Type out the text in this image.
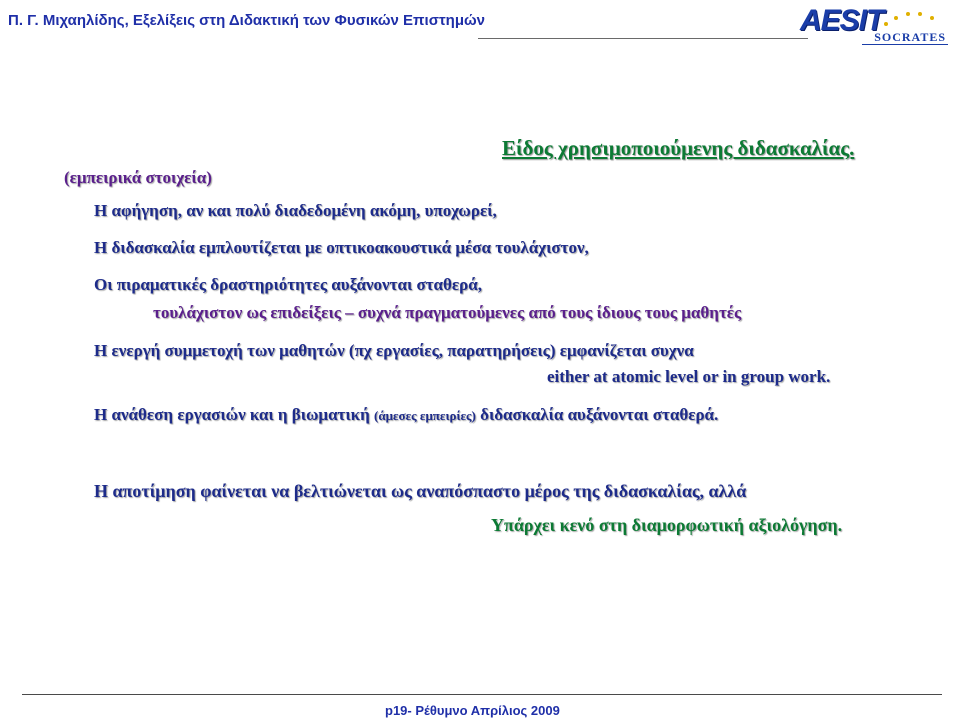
Π. Γ. Μιχαηλίδης, Εξελίξεις στη Διδακτική των Φυσικών Επιστημών	AESIT
SOCRATES
Είδος χρησιμοποιούμενης διδασκαλίας.
(εμπειρικά στοιχεία)
Η αφήγηση, αν και πολύ διαδεδομένη ακόμη, υποχωρεί,
Η διδασκαλία εμπλουτίζεται με οπτικοακουστικά μέσα τουλάχιστον,
Οι πιραματικές δραστηριότητες αυξάνονται σταθερά,
τουλάχιστον ως επιδείξεις – συχνά πραγματούμενες από τους ίδιους τους μαθητές
Η ενεργή συμμετοχή των μαθητών (πχ εργασίες, παρατηρήσεις) εμφανίζεται συχνα
either at atomic level or in group work.
Η ανάθεση εργασιών και η βιωματική (άμεσες εμπειρίες) διδασκαλία αυξάνονται σταθερά.
Η αποτίμηση φαίνεται να βελτιώνεται ως αναπόσπαστο μέρος της διδασκαλίας, αλλά
Υπάρχει κενό στη διαμορφωτική αξιολόγηση.
p19- Ρέθυμνο Απρίλιος 2009
